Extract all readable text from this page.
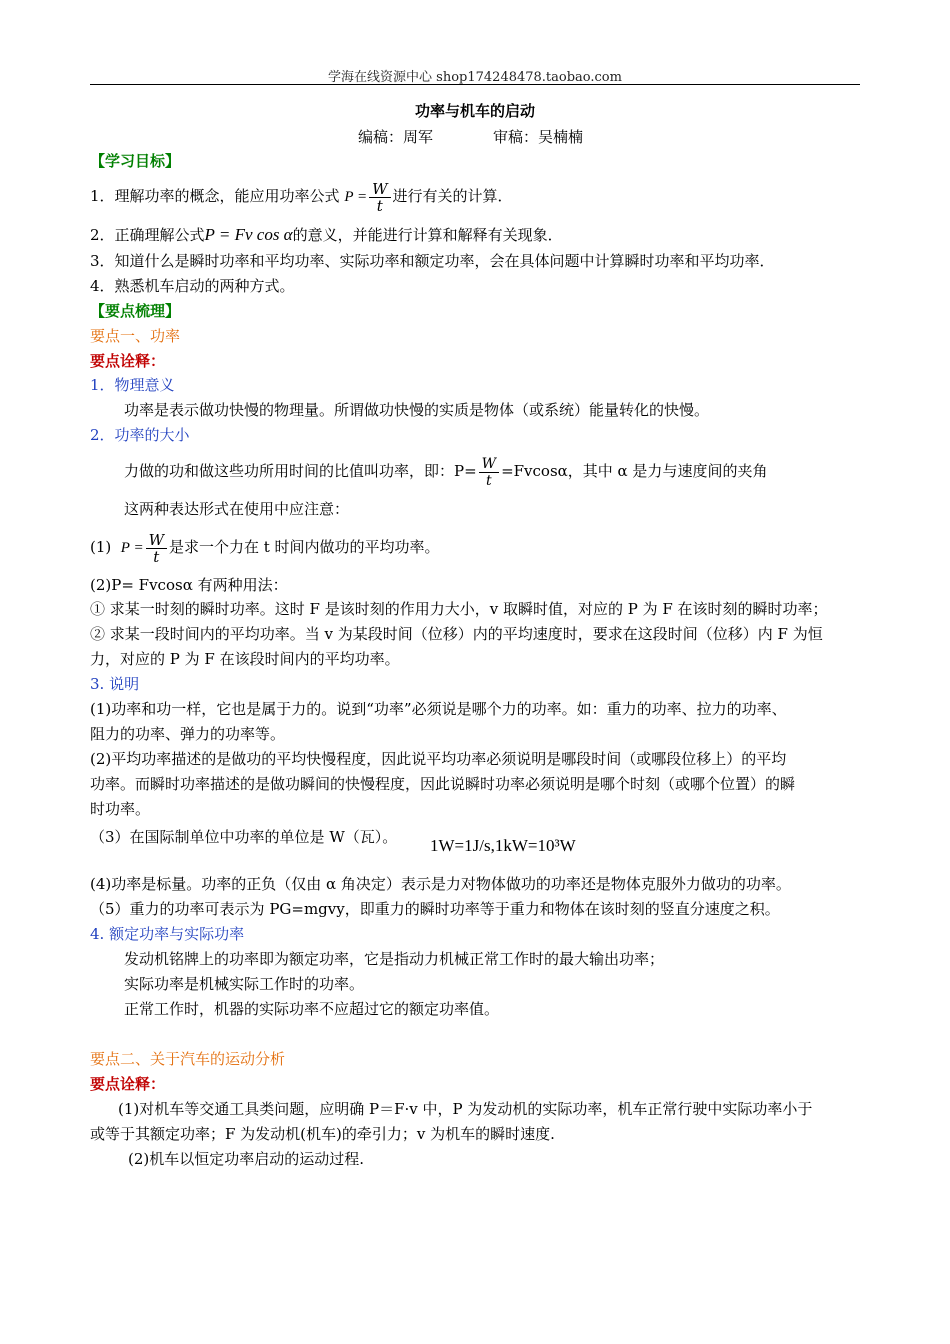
学海在线资源中心 shop174248478.taobao.com
功率与机车的启动
编稿：周军	审稿：吴楠楠
【学习目标】
1．理解功率的概念，能应用功率公式 $P = \frac{W}{t}$ 进行有关的计算．
2．正确理解公式P = Fv cos α的意义，并能进行计算和解释有关现象．
3．知道什么是瞬时功率和平均功率、实际功率和额定功率，会在具体问题中计算瞬时功率和平均功率．
4．熟悉机车启动的两种方式。
【要点梳理】
要点一、功率
要点诠释：
1．物理意义
功率是表示做功快慢的物理量。所谓做功快慢的实质是物体（或系统）能量转化的快慢。
2．功率的大小
力做的功和做这些功所用时间的比值叫功率，即：$P= \frac{W}{t} =Fvcos\alpha$，其中 α 是力与速度间的夹角
这两种表达形式在使用中应注意：
(1) $P = \frac{W}{t}$ 是求一个力在 t 时间内做功的平均功率。
(2)P= Fvcosα 有两种用法：
① 求某一时刻的瞬时功率。这时 F 是该时刻的作用力大小，v 取瞬时值，对应的 P 为 F 在该时刻的瞬时功率；
② 求某一段时间内的平均功率。当 v 为某段时间（位移）内的平均速度时，要求在这段时间（位移）内 F 为恒
力，对应的 P 为 F 在该段时间内的平均功率。
3. 说明
(1)功率和功一样，它也是属于力的。说到“功率”必须说是哪个力的功率。如：重力的功率、拉力的功率、
阻力的功率、弹力的功率等。
(2)平均功率描述的是做功的平均快慢程度，因此说平均功率必须说明是哪段时间（或哪段位移上）的平均
功率。而瞬时功率描述的是做功瞬间的快慢程度，因此说瞬时功率必须说明是哪个时刻（或哪个位置）的瞬
时功率。
（3）在国际制单位中功率的单位是 W（瓦）。 1W=1J/s,1kW=10³W
(4)功率是标量。功率的正负（仅由 α 角决定）表示是力对物体做功的功率还是物体克服外力做功的功率。
（5）重力的功率可表示为 PG=mgvy，即重力的瞬时功率等于重力和物体在该时刻的竖直分速度之积。
4. 额定功率与实际功率
发动机铭牌上的功率即为额定功率，它是指动力机械正常工作时的最大输出功率；
实际功率是机械实际工作时的功率。
正常工作时，机器的实际功率不应超过它的额定功率值。
要点二、关于汽车的运动分析
要点诠释：
(1)对机车等交通工具类问题，应明确 P＝F·v 中，P 为发动机的实际功率，机车正常行驶中实际功率小于
或等于其额定功率；F 为发动机(机车)的牵引力；v 为机车的瞬时速度.
(2)机车以恒定功率启动的运动过程.
